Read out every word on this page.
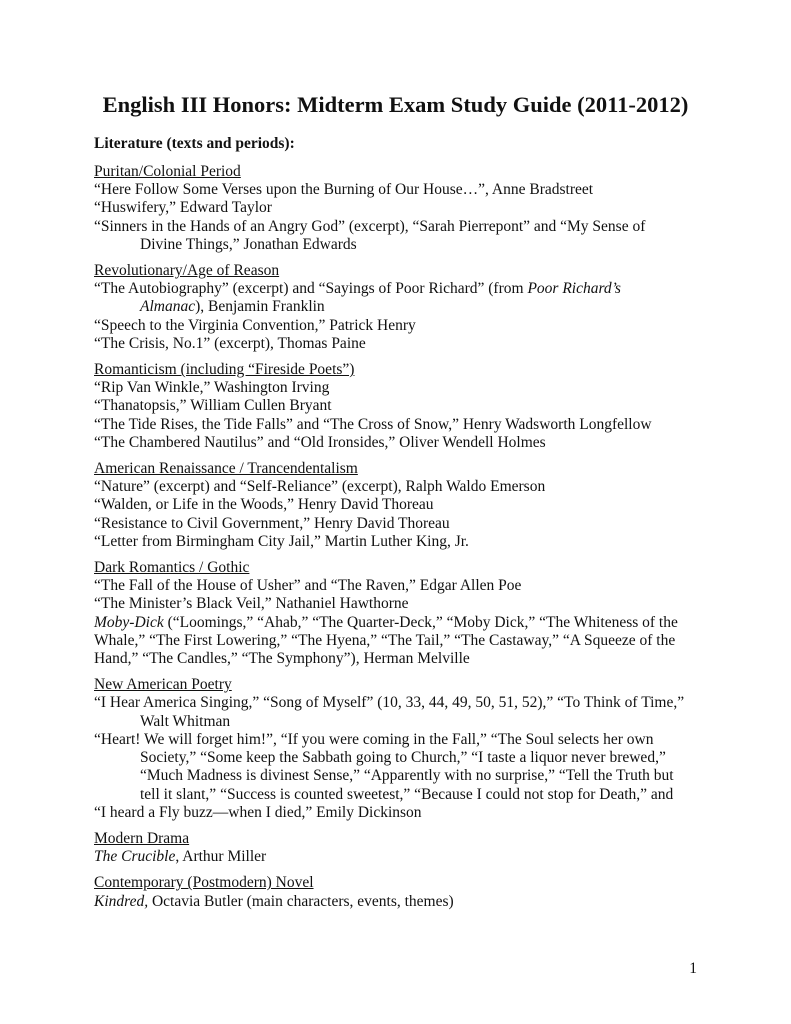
English III Honors: Midterm Exam Study Guide (2011-2012)
Literature (texts and periods):
Puritan/Colonial Period
“Here Follow Some Verses upon the Burning of Our House…”, Anne Bradstreet
“Huswifery,” Edward Taylor
“Sinners in the Hands of an Angry God” (excerpt), “Sarah Pierrepont” and “My Sense of
Divine Things,” Jonathan Edwards
Revolutionary/Age of Reason
“The Autobiography” (excerpt) and “Sayings of Poor Richard” (from Poor Richard’s
Almanac), Benjamin Franklin
“Speech to the Virginia Convention,” Patrick Henry
“The Crisis, No.1” (excerpt), Thomas Paine
Romanticism (including “Fireside Poets”)
“Rip Van Winkle,” Washington Irving
“Thanatopsis,” William Cullen Bryant
“The Tide Rises, the Tide Falls” and “The Cross of Snow,” Henry Wadsworth Longfellow
“The Chambered Nautilus” and “Old Ironsides,” Oliver Wendell Holmes
American Renaissance / Trancendentalism
“Nature” (excerpt) and “Self-Reliance” (excerpt), Ralph Waldo Emerson
“Walden, or Life in the Woods,” Henry David Thoreau
“Resistance to Civil Government,” Henry David Thoreau
“Letter from Birmingham City Jail,” Martin Luther King, Jr.
Dark Romantics / Gothic
“The Fall of the House of Usher” and “The Raven,” Edgar Allen Poe
“The Minister’s Black Veil,” Nathaniel Hawthorne
Moby-Dick (“Loomings,” “Ahab,” “The Quarter-Deck,” “Moby Dick,” “The Whiteness of the
Whale,” “The First Lowering,” “The Hyena,” “The Tail,” “The Castaway,” “A Squeeze of the
Hand,” “The Candles,” “The Symphony”), Herman Melville
New American Poetry
“I Hear America Singing,” “Song of Myself” (10, 33, 44, 49, 50, 51, 52),” “To Think of Time,”
Walt Whitman
“Heart! We will forget him!”, “If you were coming in the Fall,” “The Soul selects her own
Society,” “Some keep the Sabbath going to Church,” “I taste a liquor never brewed,”
“Much Madness is divinest Sense,” “Apparently with no surprise,” “Tell the Truth but
tell it slant,” “Success is counted sweetest,” “Because I could not stop for Death,” and
“I heard a Fly buzz—when I died,” Emily Dickinson
Modern Drama
The Crucible, Arthur Miller
Contemporary (Postmodern) Novel
Kindred, Octavia Butler (main characters, events, themes)
1
